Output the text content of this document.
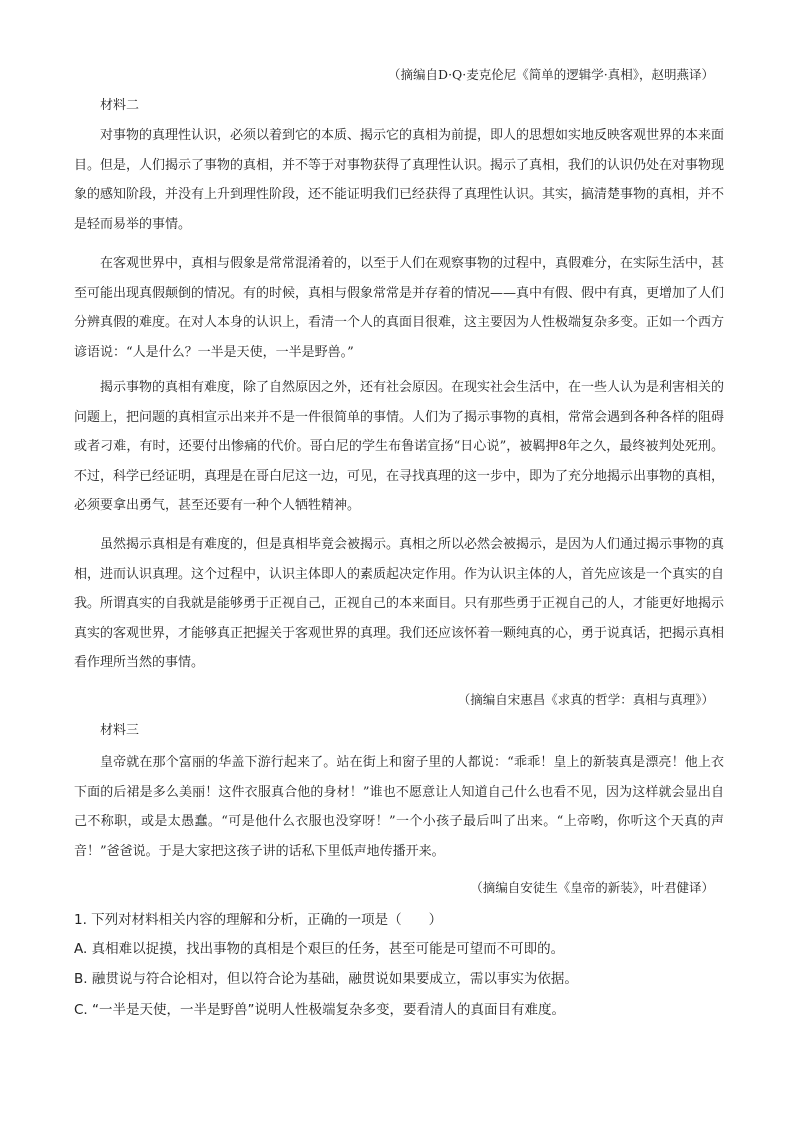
（摘编自D·Q·麦克伦尼《简单的逻辑学·真相》，赵明燕译）
材料二

对事物的真理性认识，必须以着到它的本质、揭示它的真相为前提，即人的思想如实地反映客观世界的本来面目。但是，人们揭示了事物的真相，并不等于对事物获得了真理性认识。揭示了真相，我们的认识仍处在对事物现象的感知阶段，并没有上升到理性阶段，还不能证明我们已经获得了真理性认识。其实，搞清楚事物的真相，并不是轻而易举的事情。

在客观世界中，真相与假象是常常混淆着的，以至于人们在观察事物的过程中，真假难分，在实际生活中，甚至可能出现真假颠倒的情况。有的时候，真相与假象常常是并存着的情况——真中有假、假中有真，更增加了人们分辨真假的难度。在对人本身的认识上，看清一个人的真面目很难，这主要因为人性极端复杂多变。正如一个西方谚语说：“人是什么？一半是天使，一半是野兽。”

揭示事物的真相有难度，除了自然原因之外，还有社会原因。在现实社会生活中，在一些人认为是利害相关的问题上，把问题的真相宣示出来并不是一件很简单的事情。人们为了揭示事物的真相，常常会遇到各种各样的阻碍或者刁难，有时，还要付出惨痛的代价。哥白尼的学生布鲁诺宣扬“日心说”，被羁押8年之久，最终被判处死刑。不过，科学已经证明，真理是在哥白尼这一边，可见，在寻找真理的这一步中，即为了充分地揭示出事物的真相，必须要拿出勇气，甚至还要有一种个人牺牲精神。

虽然揭示真相是有难度的，但是真相毕竟会被揭示。真相之所以必然会被揭示，是因为人们通过揭示事物的真相，进而认识真理。这个过程中，认识主体即人的素质起决定作用。作为认识主体的人，首先应该是一个真实的自我。所谓真实的自我就是能够勇于正视自己，正视自己的本来面目。只有那些勇于正视自己的人，才能更好地揭示真实的客观世界，才能够真正把握关于客观世界的真理。我们还应该怀着一颗纯真的心，勇于说真话，把揭示真相看作理所当然的事情。

（摘编自宋惠昌《求真的哲学：真相与真理》）
材料三

皇帝就在那个富丽的华盖下游行起来了。站在街上和窗子里的人都说：“乖乖！皇上的新装真是漂亮！他上衣下面的后裙是多么美丽！这件衣服真合他的身材！”谁也不愿意让人知道自己什么也看不见，因为这样就会显出自己不称职，或是太愚蠢。“可是他什么衣服也没穿呀！”一个小孩子最后叫了出来。“上帝哟，你听这个天真的声音！”爸爸说。于是大家把这孩子讲的话私下里低声地传播开来。

（摘编自安徒生《皇帝的新装》，叶君健译）

1. 下列对材料相关内容的理解和分析，正确的一项是（　　）

A. 真相难以捉摸，找出事物的真相是个艰巨的任务，甚至可能是可望而不可即的。

B. 融贯说与符合论相对，但以符合论为基础，融贯说如果要成立，需以事实为依据。

C. “一半是天使，一半是野兽”说明人性极端复杂多变，要看清人的真面目有难度。
